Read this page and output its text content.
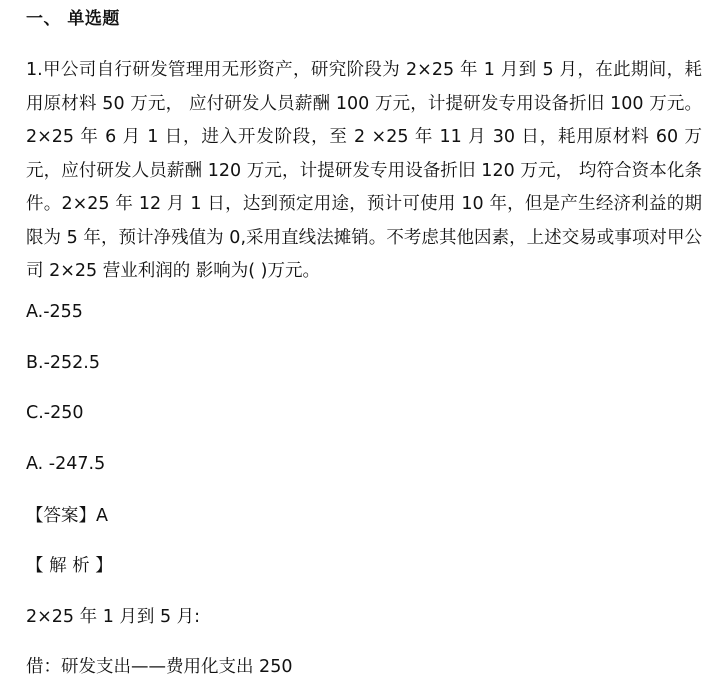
一、 单选题
1.甲公司自行研发管理用无形资产，研究阶段为 2×25 年 1 月到 5 月，在此期间，耗用原材料 50 万元， 应付研发人员薪酬 100 万元，计提研发专用设备折旧 100 万元。2×25 年 6 月 1 日，进入开发阶段，至 2 ×25 年 11 月 30 日，耗用原材料 60 万元，应付研发人员薪酬 120 万元，计提研发专用设备折旧 120 万元， 均符合资本化条件。2×25 年 12 月 1 日，达到预定用途，预计可使用 10 年，但是产生经济利益的期限为 5 年，预计净残值为 0,采用直线法摊销。不考虑其他因素，上述交易或事项对甲公司 2×25 营业利润的 影响为( )万元。
A.-255
B.-252.5
C.-250
A. -247.5
【答案】A
【 解 析 】
2×25 年 1 月到 5 月:
借：研发支出——费用化支出 250
